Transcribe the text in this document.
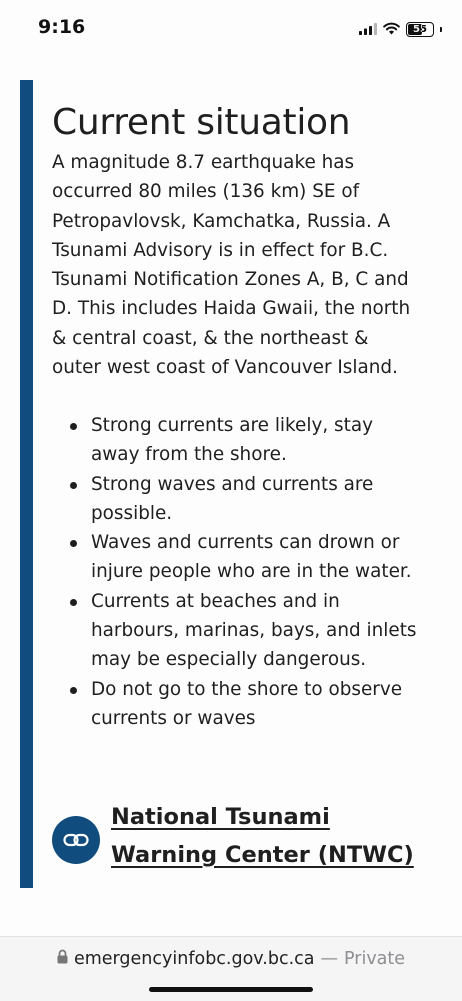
9:16	55
Current situation
A magnitude 8.7 earthquake has occurred 80 miles (136 km) SE of Petropavlovsk, Kamchatka, Russia. A Tsunami Advisory is in effect for B.C. Tsunami Notification Zones A, B, C and D. This includes Haida Gwaii, the north & central coast, & the northeast & outer west coast of Vancouver Island.
Strong currents are likely, stay away from the shore.
Strong waves and currents are possible.
Waves and currents can drown or injure people who are in the water.
Currents at beaches and in harbours, marinas, bays, and inlets may be especially dangerous.
Do not go to the shore to observe currents or waves
National Tsunami Warning Center (NTWC)
emergencyinfobc.gov.bc.ca — Private
